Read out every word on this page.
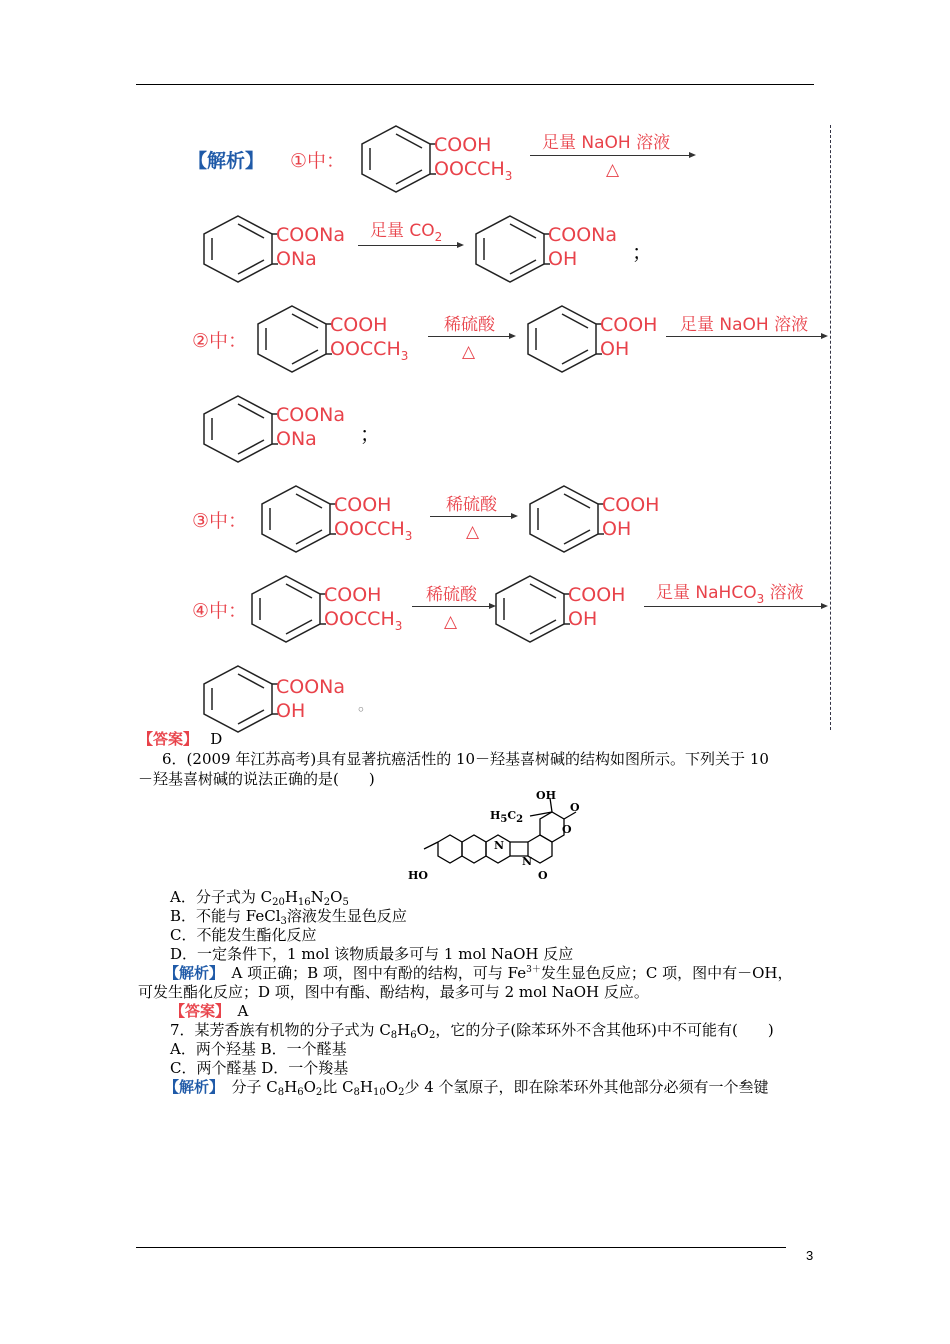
【解析】 ①中：
COOH
$OOCCH_3$
足量 NaOH 溶液
△
COONa
ONa
足量 $CO_2$	COONa
OH	；
②中：
COOH
$OOCCH_3$
稀硫酸
△
COOH
OH
足量 NaOH 溶液
COONa
ONa ；
③中：
COOH
$OOCCH_3$
稀硫酸
△
COOH
OH
④中：
COOH
$OOCCH_3$
稀硫酸
△
COOH
OH
足量 NaHCO$_3$ 溶液
COONa
OH	。
【答案】　 D
6．(2009 年江苏高考)具有显著抗癌活性的 10－羟基喜树碱的结构如图所示。下列关于 10
－羟基喜树碱的说法正确的是(　　)
OH
H5C2
O
O
N
N
O
HO
A．分子式为 $C_{20}H_{16}N_2O_5$
B．不能与 FeCl$_3$溶液发生显色反应
C．不能发生酯化反应
D．一定条件下，1 mol 该物质最多可与 1 mol NaOH 反应
【解析】　A 项正确；B 项，图中有酚的结构，可与 $Fe^{3+}$发生显色反应；C 项，图中有－OH，
可发生酯化反应；D 项，图中有酯、酚结构，最多可与 2 mol NaOH 反应。
【答案】　 A
7．某芳香族有机物的分子式为 $C_8H_6O_2$，它的分子(除苯环外不含其他环)中不可能有(　　)
A．两个羟基 B．一个醛基
C．两个醛基 D．一个羧基
【解析】　分子 $C_8H_6O_2$比 $C_8H_{10}O_2$少 4 个氢原子，即在除苯环外其他部分必须有一个叁键
3
